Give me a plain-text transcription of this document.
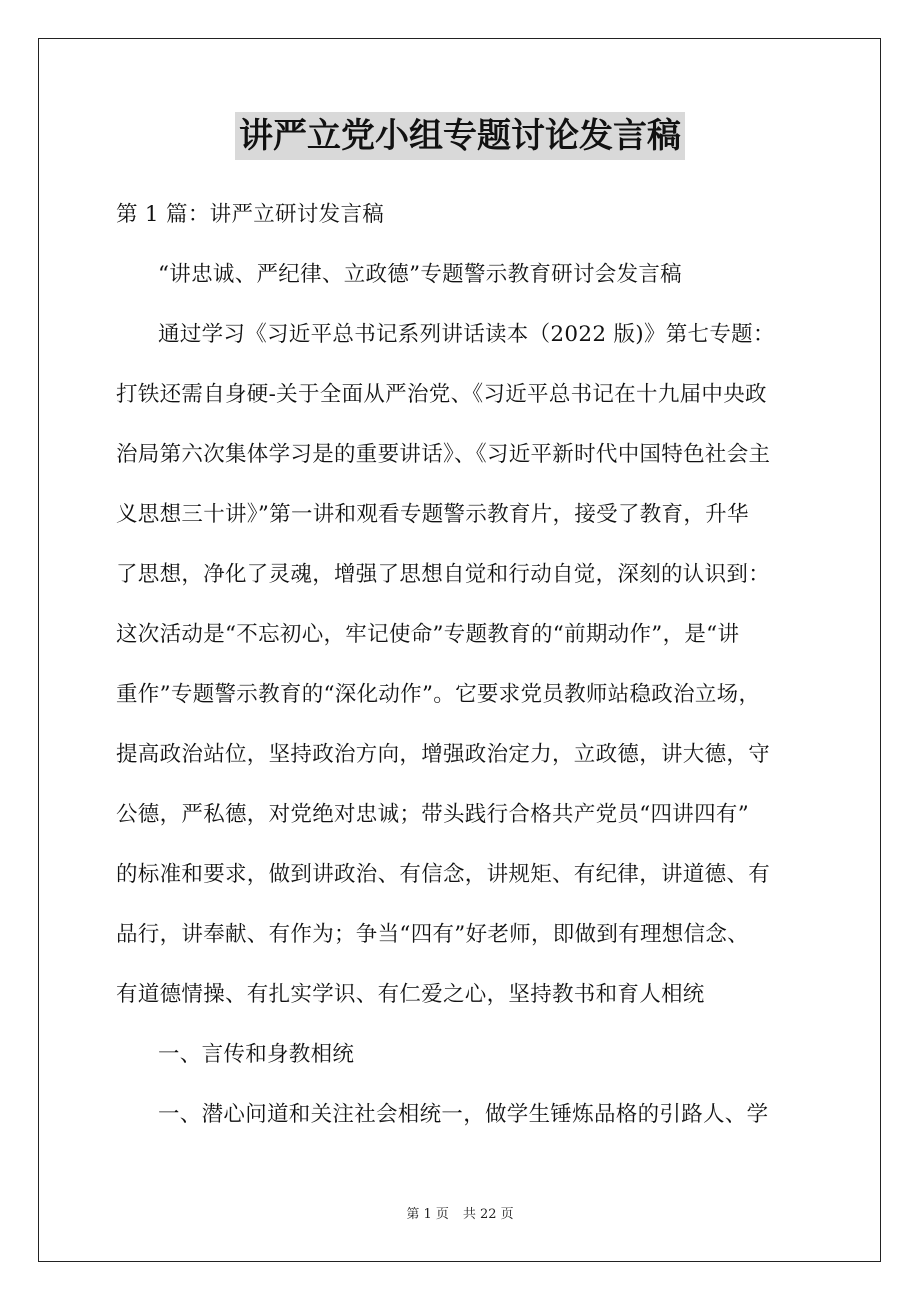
讲严立党小组专题讨论发言稿
第 1 篇：讲严立研讨发言稿
“讲忠诚、严纪律、立政德”专题警示教育研讨会发言稿
通过学习《习近平总书记系列讲话读本（2022 版)》第七专题：
打铁还需自身硬-关于全面从严治党、《习近平总书记在十九届中央政
治局第六次集体学习是的重要讲话》、《习近平新时代中国特色社会主
义思想三十讲》”第一讲和观看专题警示教育片，接受了教育，升华
了思想，净化了灵魂，增强了思想自觉和行动自觉，深刻的认识到：
这次活动是“不忘初心，牢记使命”专题教育的“前期动作”，是“讲
重作”专题警示教育的“深化动作”。它要求党员教师站稳政治立场，
提高政治站位，坚持政治方向，增强政治定力，立政德，讲大德，守
公德，严私德，对党绝对忠诚；带头践行合格共产党员“四讲四有”
的标准和要求，做到讲政治、有信念，讲规矩、有纪律，讲道德、有
品行，讲奉献、有作为；争当“四有”好老师，即做到有理想信念、
有道德情操、有扎实学识、有仁爱之心，坚持教书和育人相统
一、言传和身教相统
一、潜心问道和关注社会相统一，做学生锤炼品格的引路人、学
第 1 页 共 22 页
